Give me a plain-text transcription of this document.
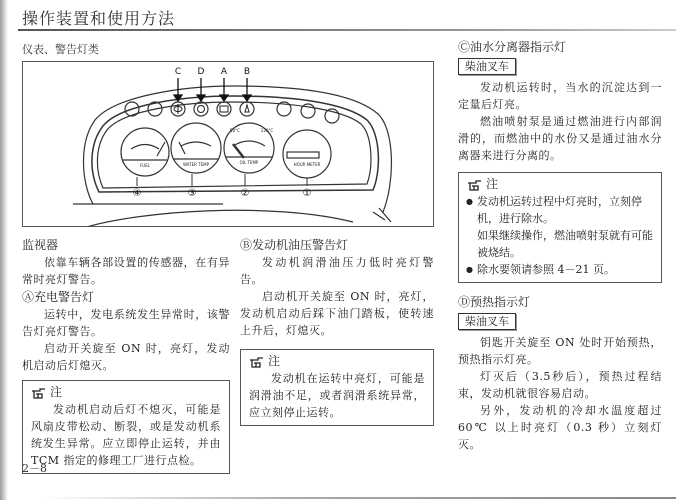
操作装置和使用方法
仪表、警告灯类
C D A B
FUEL	WATER TEMP	OIL TEMP	HOUR METER
50°C	120°C
④	③	②	①
监视器
依靠车辆各部设置的传感器，在有异常时亮灯警告。
Ⓐ充电警告灯
运转中，发电系统发生异常时，该警告灯亮灯警告。
启动开关旋至 ON 时，亮灯，发动机启动后灯熄灭。
注
发动机启动后灯不熄灭，可能是风扇皮带松动、断裂，或是发动机系统发生异常。应立即停止运转，并由 TCM 指定的修理工厂进行点检。
2－8
Ⓑ发动机油压警告灯
发动机润滑油压力低时亮灯警告。
启动机开关旋至 ON 时，亮灯，发动机启动后踩下油门踏板，使转速上升后，灯熄灭。
注
发动机在运转中亮灯，可能是润滑油不足，或者润滑系统异常，应立刻停止运转。
Ⓒ油水分离器指示灯
柴油叉车
发动机运转时，当水的沉淀达到一定量后灯亮。
燃油喷射泵是通过燃油进行内部润滑的，而燃油中的水份又是通过油水分离器来进行分离的。
注
● 发动机运转过程中灯亮时，立刻停机，进行除水。
如果继续操作，燃油喷射泵就有可能被烧结。
● 除水要领请参照 4－21 页。
Ⓓ预热指示灯
柴油叉车
钥匙开关旋至 ON 处时开始预热，预热指示灯亮。
灯灭后（3.5秒后），预热过程结束，发动机就很容易启动。
另外，发动机的冷却水温度超过 60℃ 以上时亮灯（0.3 秒）立刻灯灭。
